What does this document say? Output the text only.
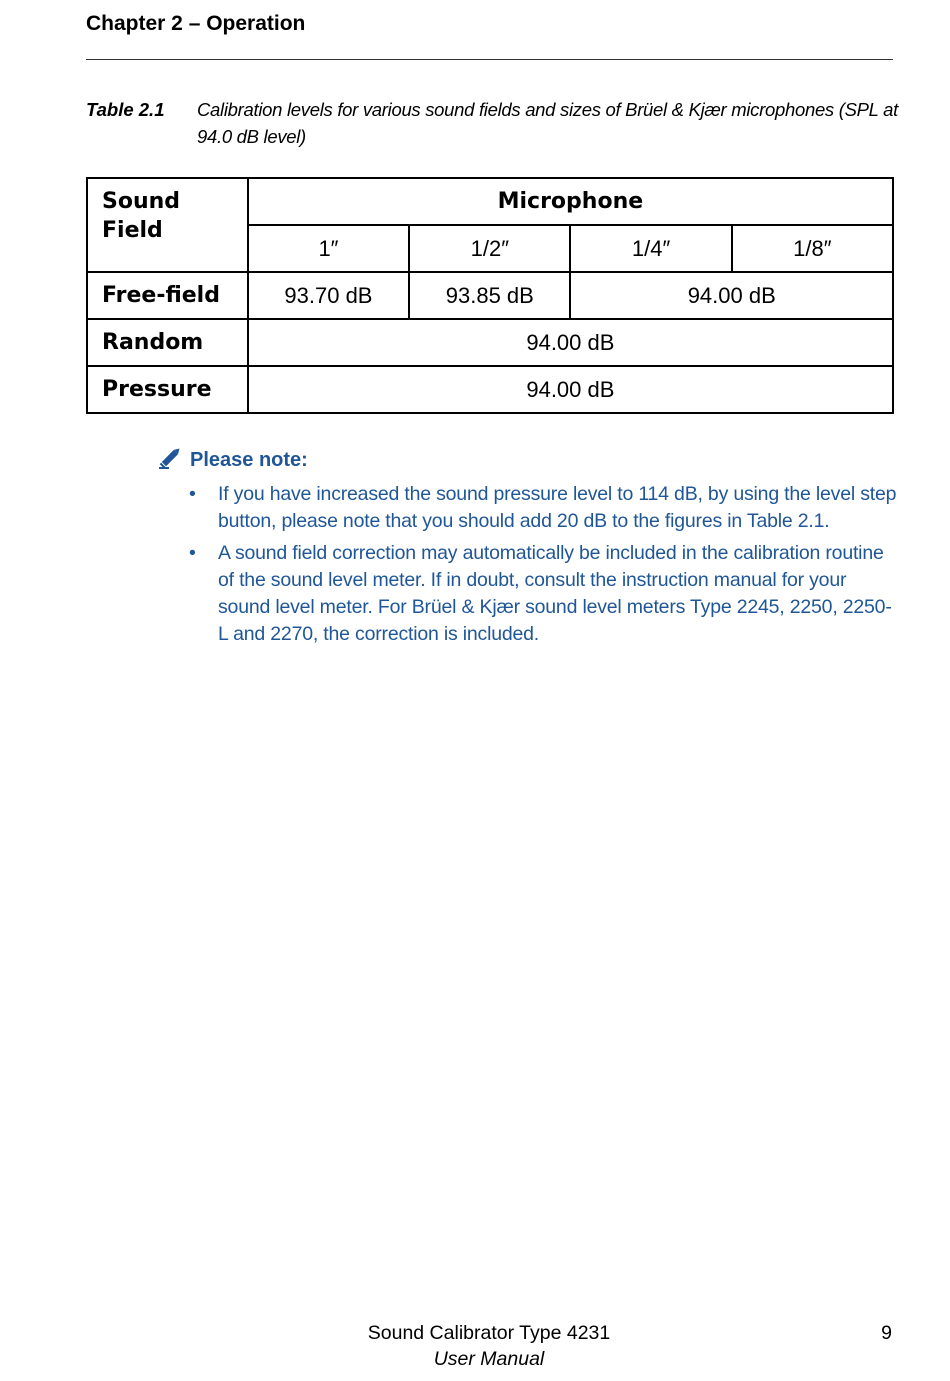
Chapter 2 – Operation
Table 2.1 Calibration levels for various sound fields and sizes of Brüel & Kjær microphones (SPL at 94.0 dB level)
Sound Field	Microphone			
	1″	1/2″	1/4″	1/8″
Free-field	93.70 dB	93.85 dB	94.00 dB	
Random	94.00 dB			
Pressure	94.00 dB			
Please note:
• If you have increased the sound pressure level to 114 dB, by using the level step button, please note that you should add 20 dB to the figures in Table 2.1.
• A sound field correction may automatically be included in the calibration routine of the sound level meter. If in doubt, consult the instruction manual for your sound level meter. For Brüel & Kjær sound level meters Type 2245, 2250, 2250-L and 2270, the correction is included.
Sound Calibrator Type 4231
User Manual
9
